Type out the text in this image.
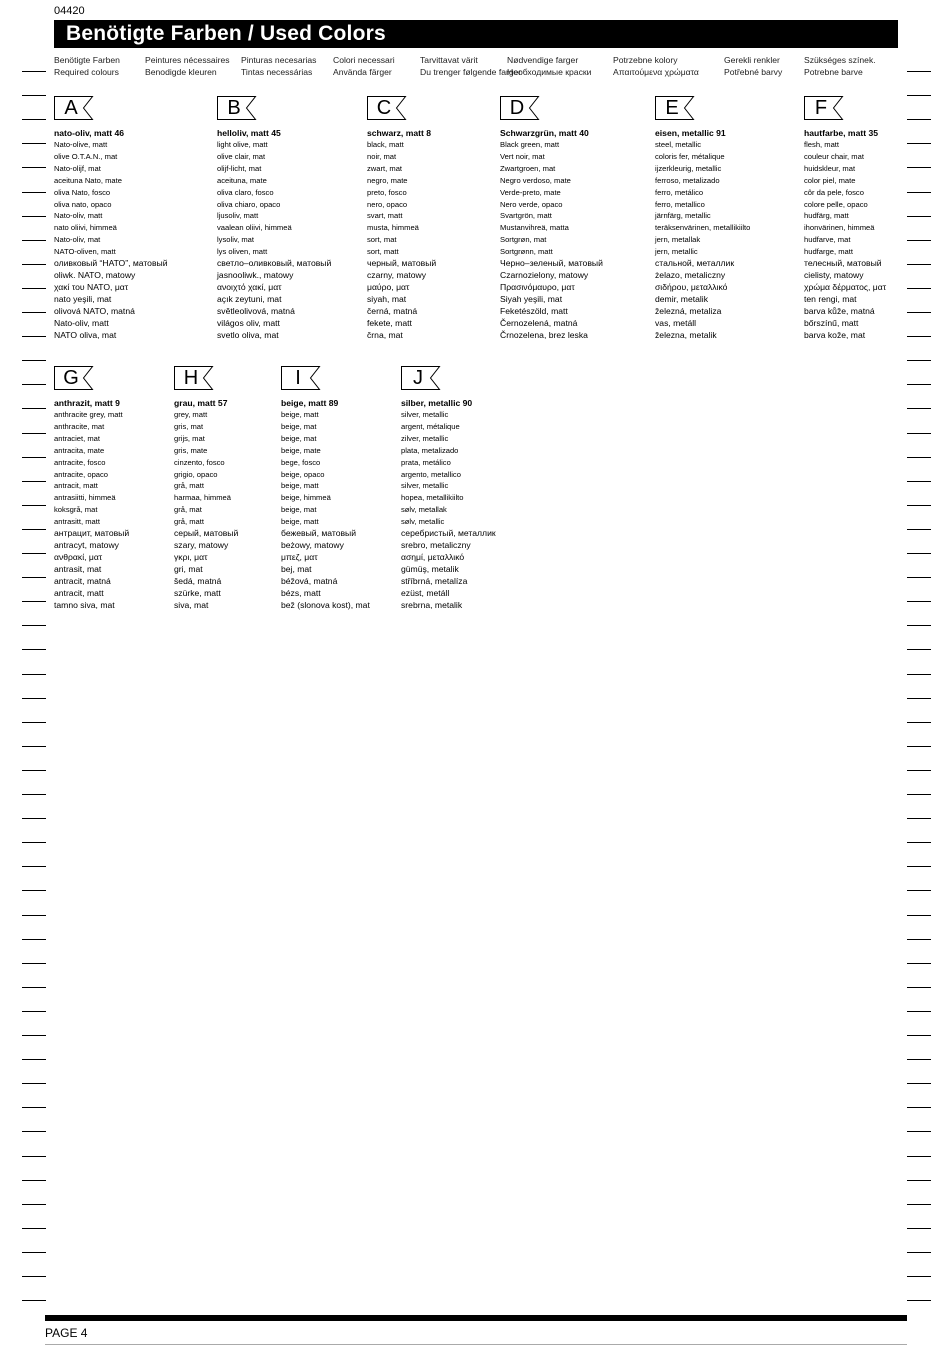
04420
Benötigte Farben / Used Colors
Benötigte Farben
Required colours
Peintures nécessaires
Benodigde kleuren
Pinturas necesarias
Tintas necessárias
Colori necessari
Använda färger
Tarvittavat värit
Du trenger følgende farger
Nødvendige farger
Необходимые краски
Potrzebne kolory
Απαιτούμενα χρώματα
Gerekli renkler
Potřebné barvy
Szükséges színek.
Potrebne barve
A
nato-oliv, matt 46
Nato-olive, matt
olive O.T.A.N., mat
Nato-olijf, mat
aceituna Nato, mate
oliva Nato, fosco
oliva nato, opaco
Nato-oliv, matt
nato oliivi, himmeä
Nato-oliv, mat
NATO-oliven, matt
оливковый “НАТО”, матовый
oliwk. NATO, matowy
χακί του NATO, ματ
nato yeşili, mat
olivová NATO, matná
Nato-oliv, matt
NATO oliva, mat
B
helloliv, matt 45
light olive, matt
olive clair, mat
olijf-licht, mat
aceituna, mate
oliva claro, fosco
oliva chiaro, opaco
ljusoliv, matt
vaalean oliivi, himmeä
lysoliv, mat
lys oliven, matt
светло–оливковый, матовый
jasnooliwk., matowy
ανοιχτό χακί, ματ
açık zeytuni, mat
světleolivová, matná
világos oliv, matt
svetlo oliva, mat
C
schwarz, matt 8
black, matt
noir, mat
zwart, mat
negro, mate
preto, fosco
nero, opaco
svart, matt
musta, himmeä
sort, mat
sort, matt
черный, матовый
czarny, matowy
μαύρο, ματ
siyah, mat
černá, matná
fekete, matt
črna, mat
D
Schwarzgrün, matt 40
Black green, matt
Vert noir, mat
Zwartgroen, mat
Negro verdoso, mate
Verde-preto, mate
Nero verde, opaco
Svartgrön, matt
Mustanvihreä, matta
Sortgrøn, mat
Sortgrønn, matt
Черно–зеленый, матовый
Czarnozielony, matowy
Πρασινόμαυρο, ματ
Siyah yeşili, mat
Feketészöld, matt
Černozelená, matná
Črnozelena, brez leska
E
eisen, metallic 91
steel, metallic
coloris fer, métalique
ijzerkleurig, metallic
ferroso, metalizado
ferro, metálico
ferro, metallico
järnfärg, metallic
teräksenvärinen, metallikiilto
jern, metallak
jern, metallic
стальной, металлик
żelazo, metaliczny
σιδήρου, μεταλλικό
demir, metalik
železná, metaliza
vas, metáll
železna, metalik
F
hautfarbe, matt 35
flesh, matt
couleur chair, mat
huidskleur, mat
color piel, mate
côr da pele, fosco
colore pelle, opaco
hudfärg, matt
ihonvärinen, himmeä
hudfarve, mat
hudfarge, matt
телесный, матовый
cielisty, matowy
χρώμα δέρματος, ματ
ten rengi, mat
barva kůže, matná
bőrszínű, matt
barva kože, mat
G
anthrazit, matt 9
anthracite grey, matt
anthracite, mat
antraciet, mat
antracita, mate
antracite, fosco
antracite, opaco
antracit, matt
antrasiitti, himmeä
koksgrå, mat
antrasitt, matt
антрацит, матовый
antracyt, matowy
ανθρακί, ματ
antrasit, mat
antracit, matná
antracit, matt
tamno siva, mat
H
grau, matt 57
grey, matt
gris, mat
grijs, mat
gris, mate
cinzento, fosco
grigio, opaco
grå, matt
harmaa, himmeä
grå, mat
grå, matt
серый, матовый
szary, matowy
γκρι, ματ
gri, mat
šedá, matná
szürke, matt
siva, mat
I
beige, matt 89
beige, matt
beige, mat
beige, mat
beige, mate
bege, fosco
beige, opaco
beige, matt
beige, himmeä
beige, mat
beige, matt
бежевый, матовый
beżowy, matowy
μπεζ, ματ
bej, mat
béžová, matná
bézs, matt
bež (slonova kost), mat
J
silber, metallic 90
silver, metallic
argent, métalique
zilver, metallic
plata, metalizado
prata, metálico
argento, metallico
silver, metallic
hopea, metallikiilto
sølv, metallak
sølv, metallic
серебристый, металлик
srebro, metaliczny
ασημί, μεταλλικό
gümüş, metalik
stříbrná, metalíza
ezüst, metáll
srebrna, metalik
PAGE 4
